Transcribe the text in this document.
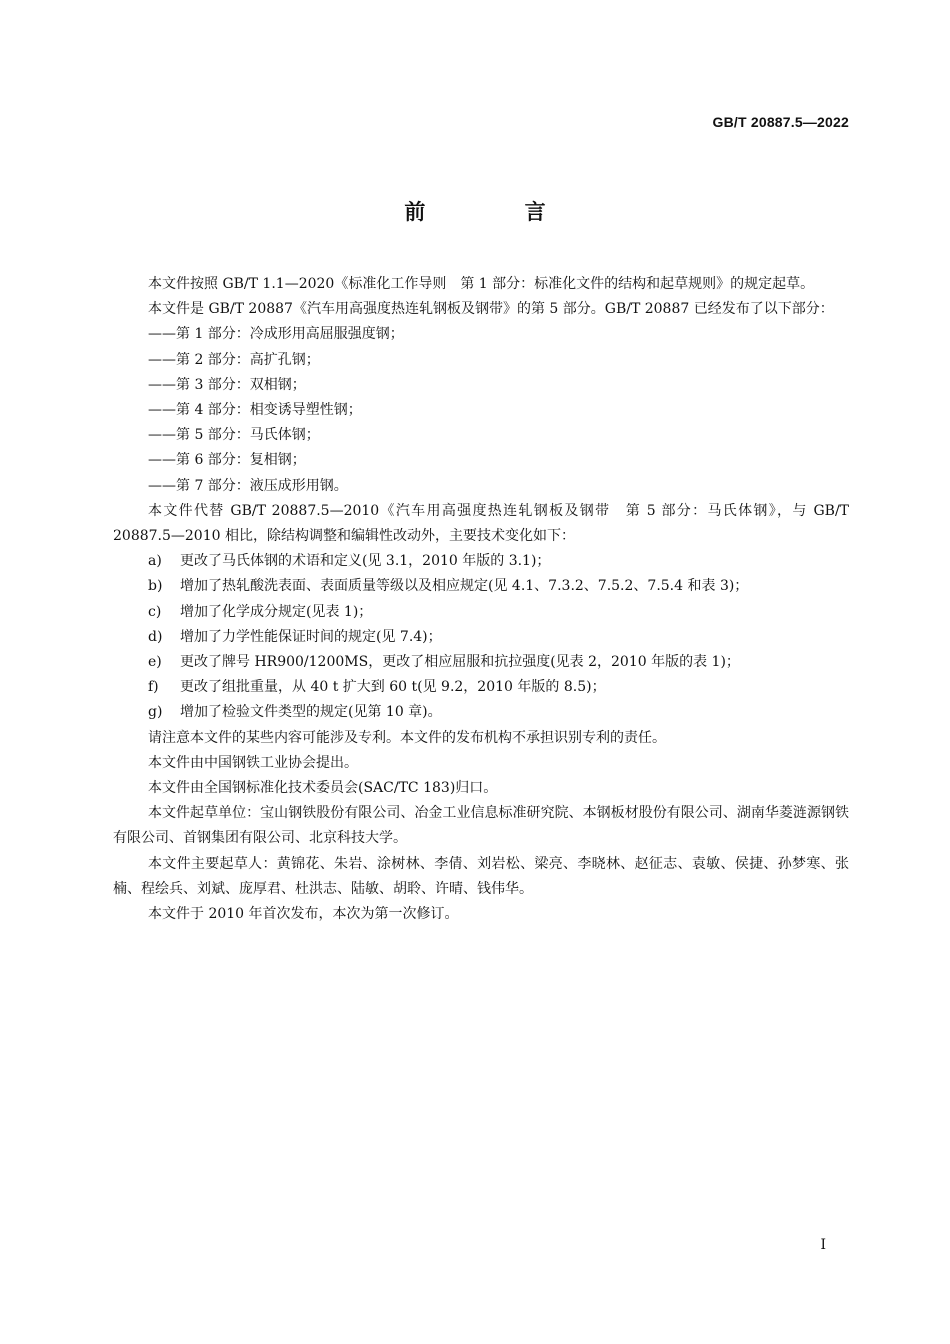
GB/T 20887.5—2022
前 言

本文件按照 GB/T 1.1—2020《标准化工作导则　第 1 部分：标准化文件的结构和起草规则》的规定起草。

本文件是 GB/T 20887《汽车用高强度热连轧钢板及钢带》的第 5 部分。GB/T 20887 已经发布了以下部分：

——第 1 部分：冷成形用高屈服强度钢；

——第 2 部分：高扩孔钢；

——第 3 部分：双相钢；

——第 4 部分：相变诱导塑性钢；

——第 5 部分：马氏体钢；

——第 6 部分：复相钢；

——第 7 部分：液压成形用钢。

本文件代替 GB/T 20887.5—2010《汽车用高强度热连轧钢板及钢带　第 5 部分：马氏体钢》，与 GB/T 20887.5—2010 相比，除结构调整和编辑性改动外，主要技术变化如下：

a) 更改了马氏体钢的术语和定义(见 3.1，2010 年版的 3.1)；

b) 增加了热轧酸洗表面、表面质量等级以及相应规定(见 4.1、7.3.2、7.5.2、7.5.4 和表 3)；

c) 增加了化学成分规定(见表 1)；

d) 增加了力学性能保证时间的规定(见 7.4)；

e) 更改了牌号 HR900/1200MS，更改了相应屈服和抗拉强度(见表 2，2010 年版的表 1)；

f) 更改了组批重量，从 40 t 扩大到 60 t(见 9.2，2010 年版的 8.5)；

g) 增加了检验文件类型的规定(见第 10 章)。

请注意本文件的某些内容可能涉及专利。本文件的发布机构不承担识别专利的责任。

本文件由中国钢铁工业协会提出。

本文件由全国钢标准化技术委员会(SAC/TC 183)归口。

本文件起草单位：宝山钢铁股份有限公司、冶金工业信息标准研究院、本钢板材股份有限公司、湖南华菱涟源钢铁有限公司、首钢集团有限公司、北京科技大学。

本文件主要起草人：黄锦花、朱岩、涂树林、李倩、刘岩松、梁亮、李晓林、赵征志、袁敏、侯捷、孙梦寒、张楠、程绘兵、刘斌、庞厚君、杜洪志、陆敏、胡聆、许晴、钱伟华。

本文件于 2010 年首次发布，本次为第一次修订。

I
